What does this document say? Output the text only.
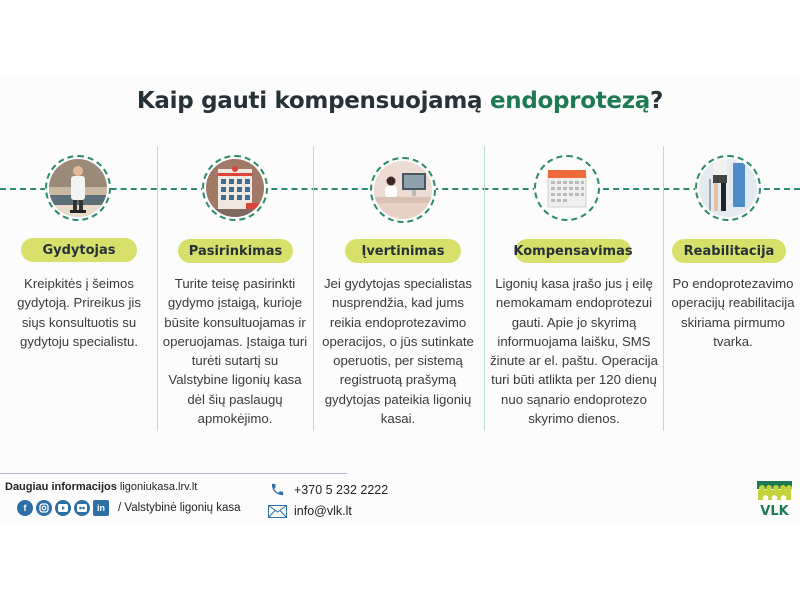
Kaip gauti kompensuojamą endoprotezą?
Gydytojas
Kreipkitės į šeimos gydytoją. Prireikus jis siųs konsultuotis su gydytoju specialistu.
Pasirinkimas
Turite teisę pasirinkti gydymo įstaigą, kurioje būsite konsultuojamas ir operuojamas. Įstaiga turi turėti sutartį su Valstybine ligonių kasa dėl šių paslaugų apmokėjimo.
Įvertinimas
Jei gydytojas specialistas nusprendžia, kad jums reikia endoprotezavimo operacijos, o jūs sutinkate operuotis, per sistemą registruotą prašymą gydytojas pateikia ligonių kasai.
Kompensavimas
Ligonių kasa įrašo jus į eilę nemokamam endoprotezui gauti. Apie jo skyrimą informuojama laišku, SMS žinute ar el. paštu. Operacija turi būti atlikta per 120 dienų nuo sąnario endoprotezo skyrimo dienos.
Reabilitacija
Po endoprotezavimo operacijų reabilitacija skiriama pirmumo tvarka.
Daugiau informacijos ligoniukasa.lrv.lt
f	in	/ Valstybinė ligonių kasa
+370 5 232 2222
info@vlk.lt	VLK
